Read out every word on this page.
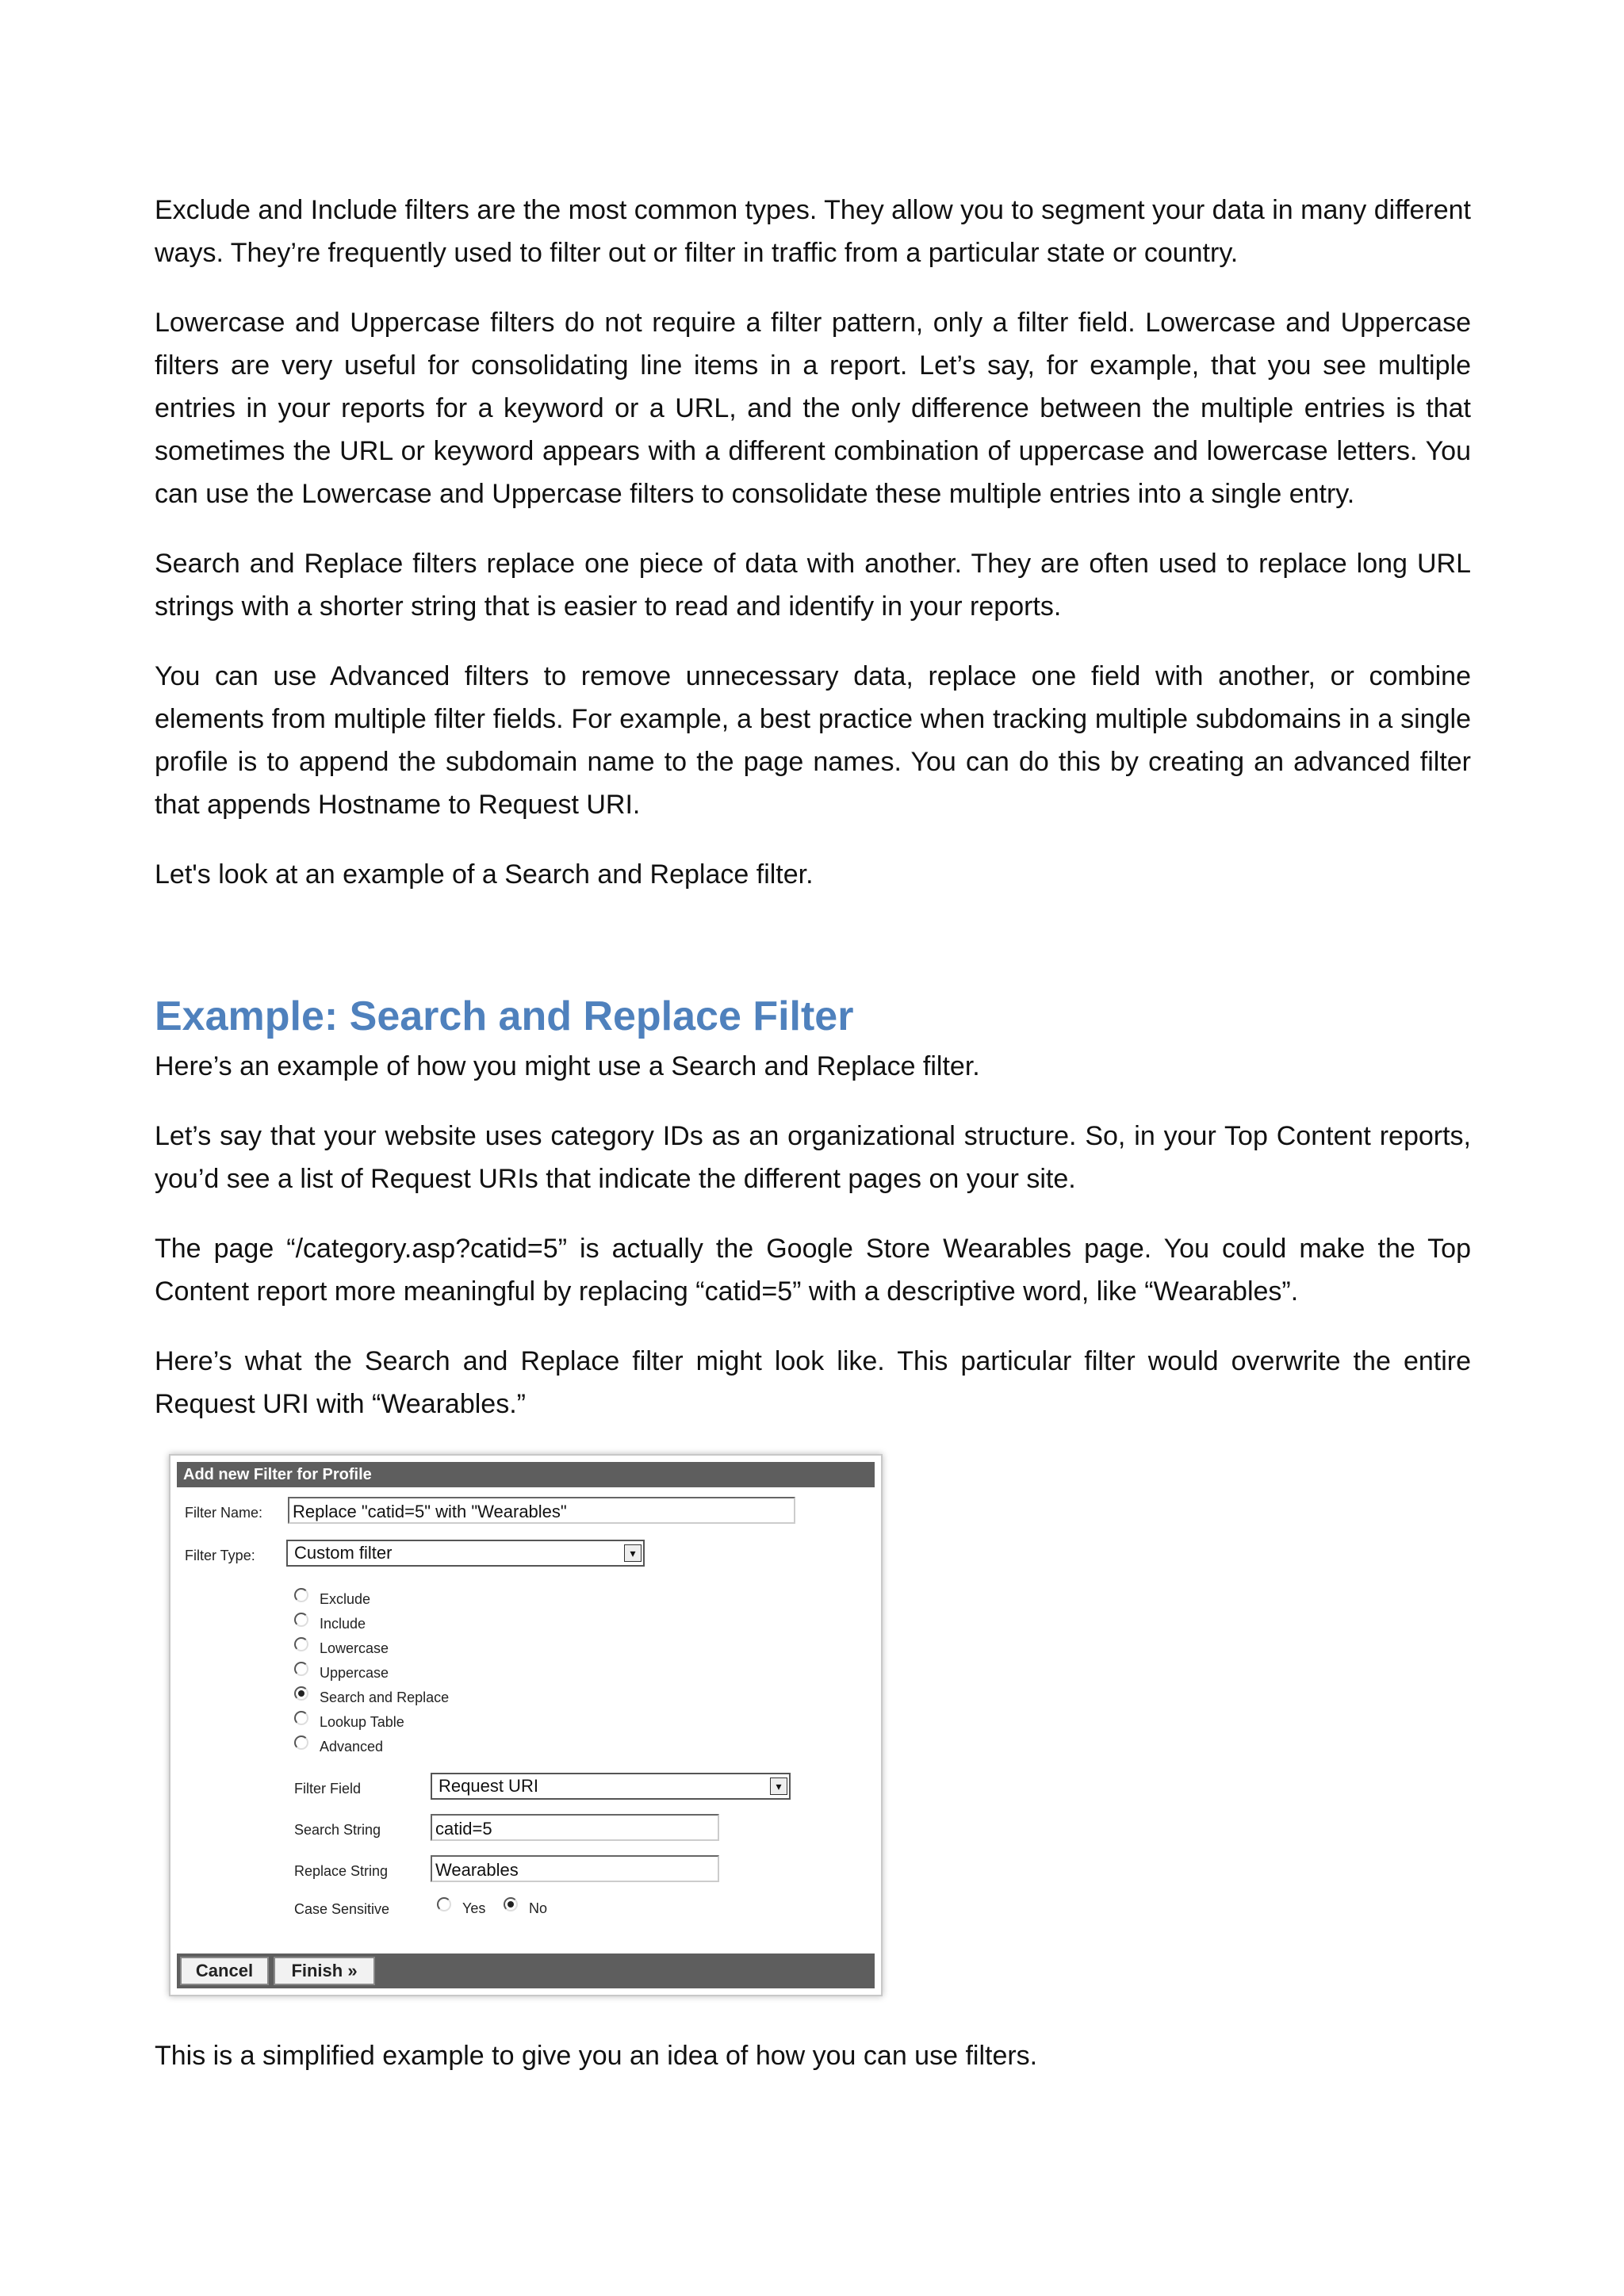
Exclude and Include filters are the most common types. They allow you to segment your data in many different ways. They’re frequently used to filter out or filter in traffic from a particular state or country.

Lowercase and Uppercase filters do not require a filter pattern, only a filter field. Lowercase and Uppercase filters are very useful for consolidating line items in a report. Let’s say, for example, that you see multiple entries in your reports for a keyword or a URL, and the only difference between the multiple entries is that sometimes the URL or keyword appears with a different combination of uppercase and lowercase letters. You can use the Lowercase and Uppercase filters to consolidate these multiple entries into a single entry.

Search and Replace filters replace one piece of data with another. They are often used to replace long URL strings with a shorter string that is easier to read and identify in your reports.

You can use Advanced filters to remove unnecessary data, replace one field with another, or combine elements from multiple filter fields. For example, a best practice when tracking multiple subdomains in a single profile is to append the subdomain name to the page names. You can do this by creating an advanced filter that appends Hostname to Request URI.

Let's look at an example of a Search and Replace filter.

Example: Search and Replace Filter

Here’s an example of how you might use a Search and Replace filter.

Let’s say that your website uses category IDs as an organizational structure. So, in your Top Content reports, you’d see a list of Request URIs that indicate the different pages on your site.

The page “/category.asp?catid=5” is actually the Google Store Wearables page. You could make the Top Content report more meaningful by replacing “catid=5” with a descriptive word, like “Wearables”.

Here’s what the Search and Replace filter might look like. This particular filter would overwrite the entire Request URI with “Wearables.”

Add new Filter for Profile
Filter Name: Replace "catid=5" with "Wearables"
Filter Type:	Custom filter	▾
Exclude
Include
Lowercase
Uppercase
Search and Replace
Lookup Table
Advanced
Filter Field	Request URI	▾
Search String	catid=5
Replace String	Wearables
Case Sensitive	Yes	No
Cancel	Finish »

This is a simplified example to give you an idea of how you can use filters.
